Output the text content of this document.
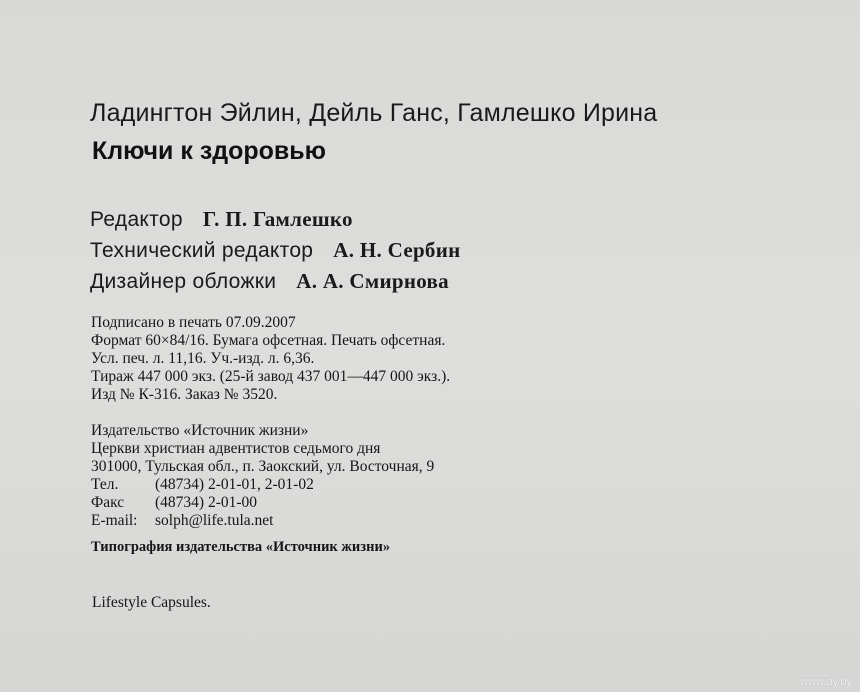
Ладингтон Эйлин, Дейль Ганс, Гамлешко Ирина
Ключи к здоровью
Редактор Г. П. Гамлешко
Технический редактор А. Н. Сербин
Дизайнер обложки А. А. Смирнова
Подписано в печать 07.09.2007
Формат 60×84/16. Бумага офсетная. Печать офсетная.
Усл. печ. л. 11,16. Уч.-изд. л. 6,36.
Тираж 447 000 экз. (25-й завод 437 001—447 000 экз.).
Изд № К-316. Заказ № 3520.
Издательство «Источник жизни»
Церкви христиан адвентистов седьмого дня
301000, Тульская обл., п. Заокский, ул. Восточная, 9
Тел.	(48734) 2-01-01, 2-01-02
Факс	(48734) 2-01-00
E-mail:	solph@life.tula.net
Типография издательства «Источник жизни»
Lifestyle Capsules.
www.ay.by
